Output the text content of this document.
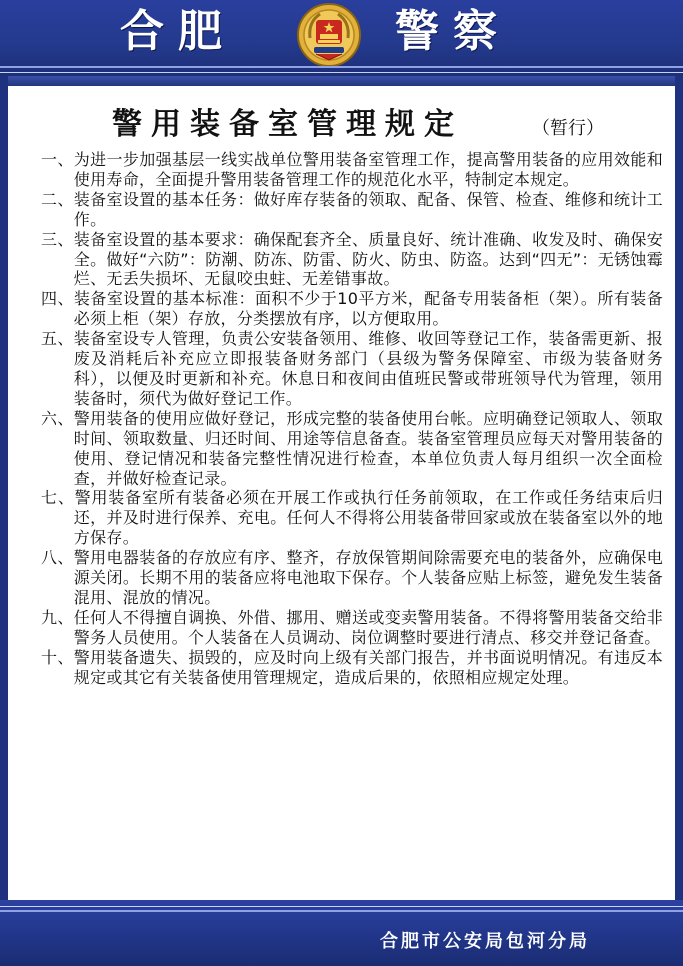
合肥	警察
警用装备室管理规定	（暂行）

一、为进一步加强基层一线实战单位警用装备室管理工作，提高警用装备的应用效能和使用寿命，全面提升警用装备管理工作的规范化水平，特制定本规定。

二、装备室设置的基本任务：做好库存装备的领取、配备、保管、检查、维修和统计工作。

三、装备室设置的基本要求：确保配套齐全、质量良好、统计准确、收发及时、确保安全。做好“六防”：防潮、防冻、防雷、防火、防虫、防盗。达到“四无”：无锈蚀霉烂、无丢失损坏、无鼠咬虫蛀、无差错事故。

四、装备室设置的基本标准：面积不少于10平方米，配备专用装备柜（架）。所有装备必须上柜（架）存放，分类摆放有序，以方便取用。

五、装备室设专人管理，负责公安装备领用、维修、收回等登记工作，装备需更新、报废及消耗后补充应立即报装备财务部门（县级为警务保障室、市级为装备财务科），以便及时更新和补充。休息日和夜间由值班民警或带班领导代为管理，领用装备时，须代为做好登记工作。

六、警用装备的使用应做好登记，形成完整的装备使用台帐。应明确登记领取人、领取时间、领取数量、归还时间、用途等信息备查。装备室管理员应每天对警用装备的使用、登记情况和装备完整性情况进行检查，本单位负责人每月组织一次全面检查，并做好检查记录。

七、警用装备室所有装备必须在开展工作或执行任务前领取，在工作或任务结束后归还，并及时进行保养、充电。任何人不得将公用装备带回家或放在装备室以外的地方保存。

八、警用电器装备的存放应有序、整齐，存放保管期间除需要充电的装备外，应确保电源关闭。长期不用的装备应将电池取下保存。个人装备应贴上标签，避免发生装备混用、混放的情况。

九、任何人不得擅自调换、外借、挪用、赠送或变卖警用装备。不得将警用装备交给非警务人员使用。个人装备在人员调动、岗位调整时要进行清点、移交并登记备查。

十、警用装备遗失、损毁的，应及时向上级有关部门报告，并书面说明情况。有违反本规定或其它有关装备使用管理规定，造成后果的，依照相应规定处理。

合肥市公安局包河分局
